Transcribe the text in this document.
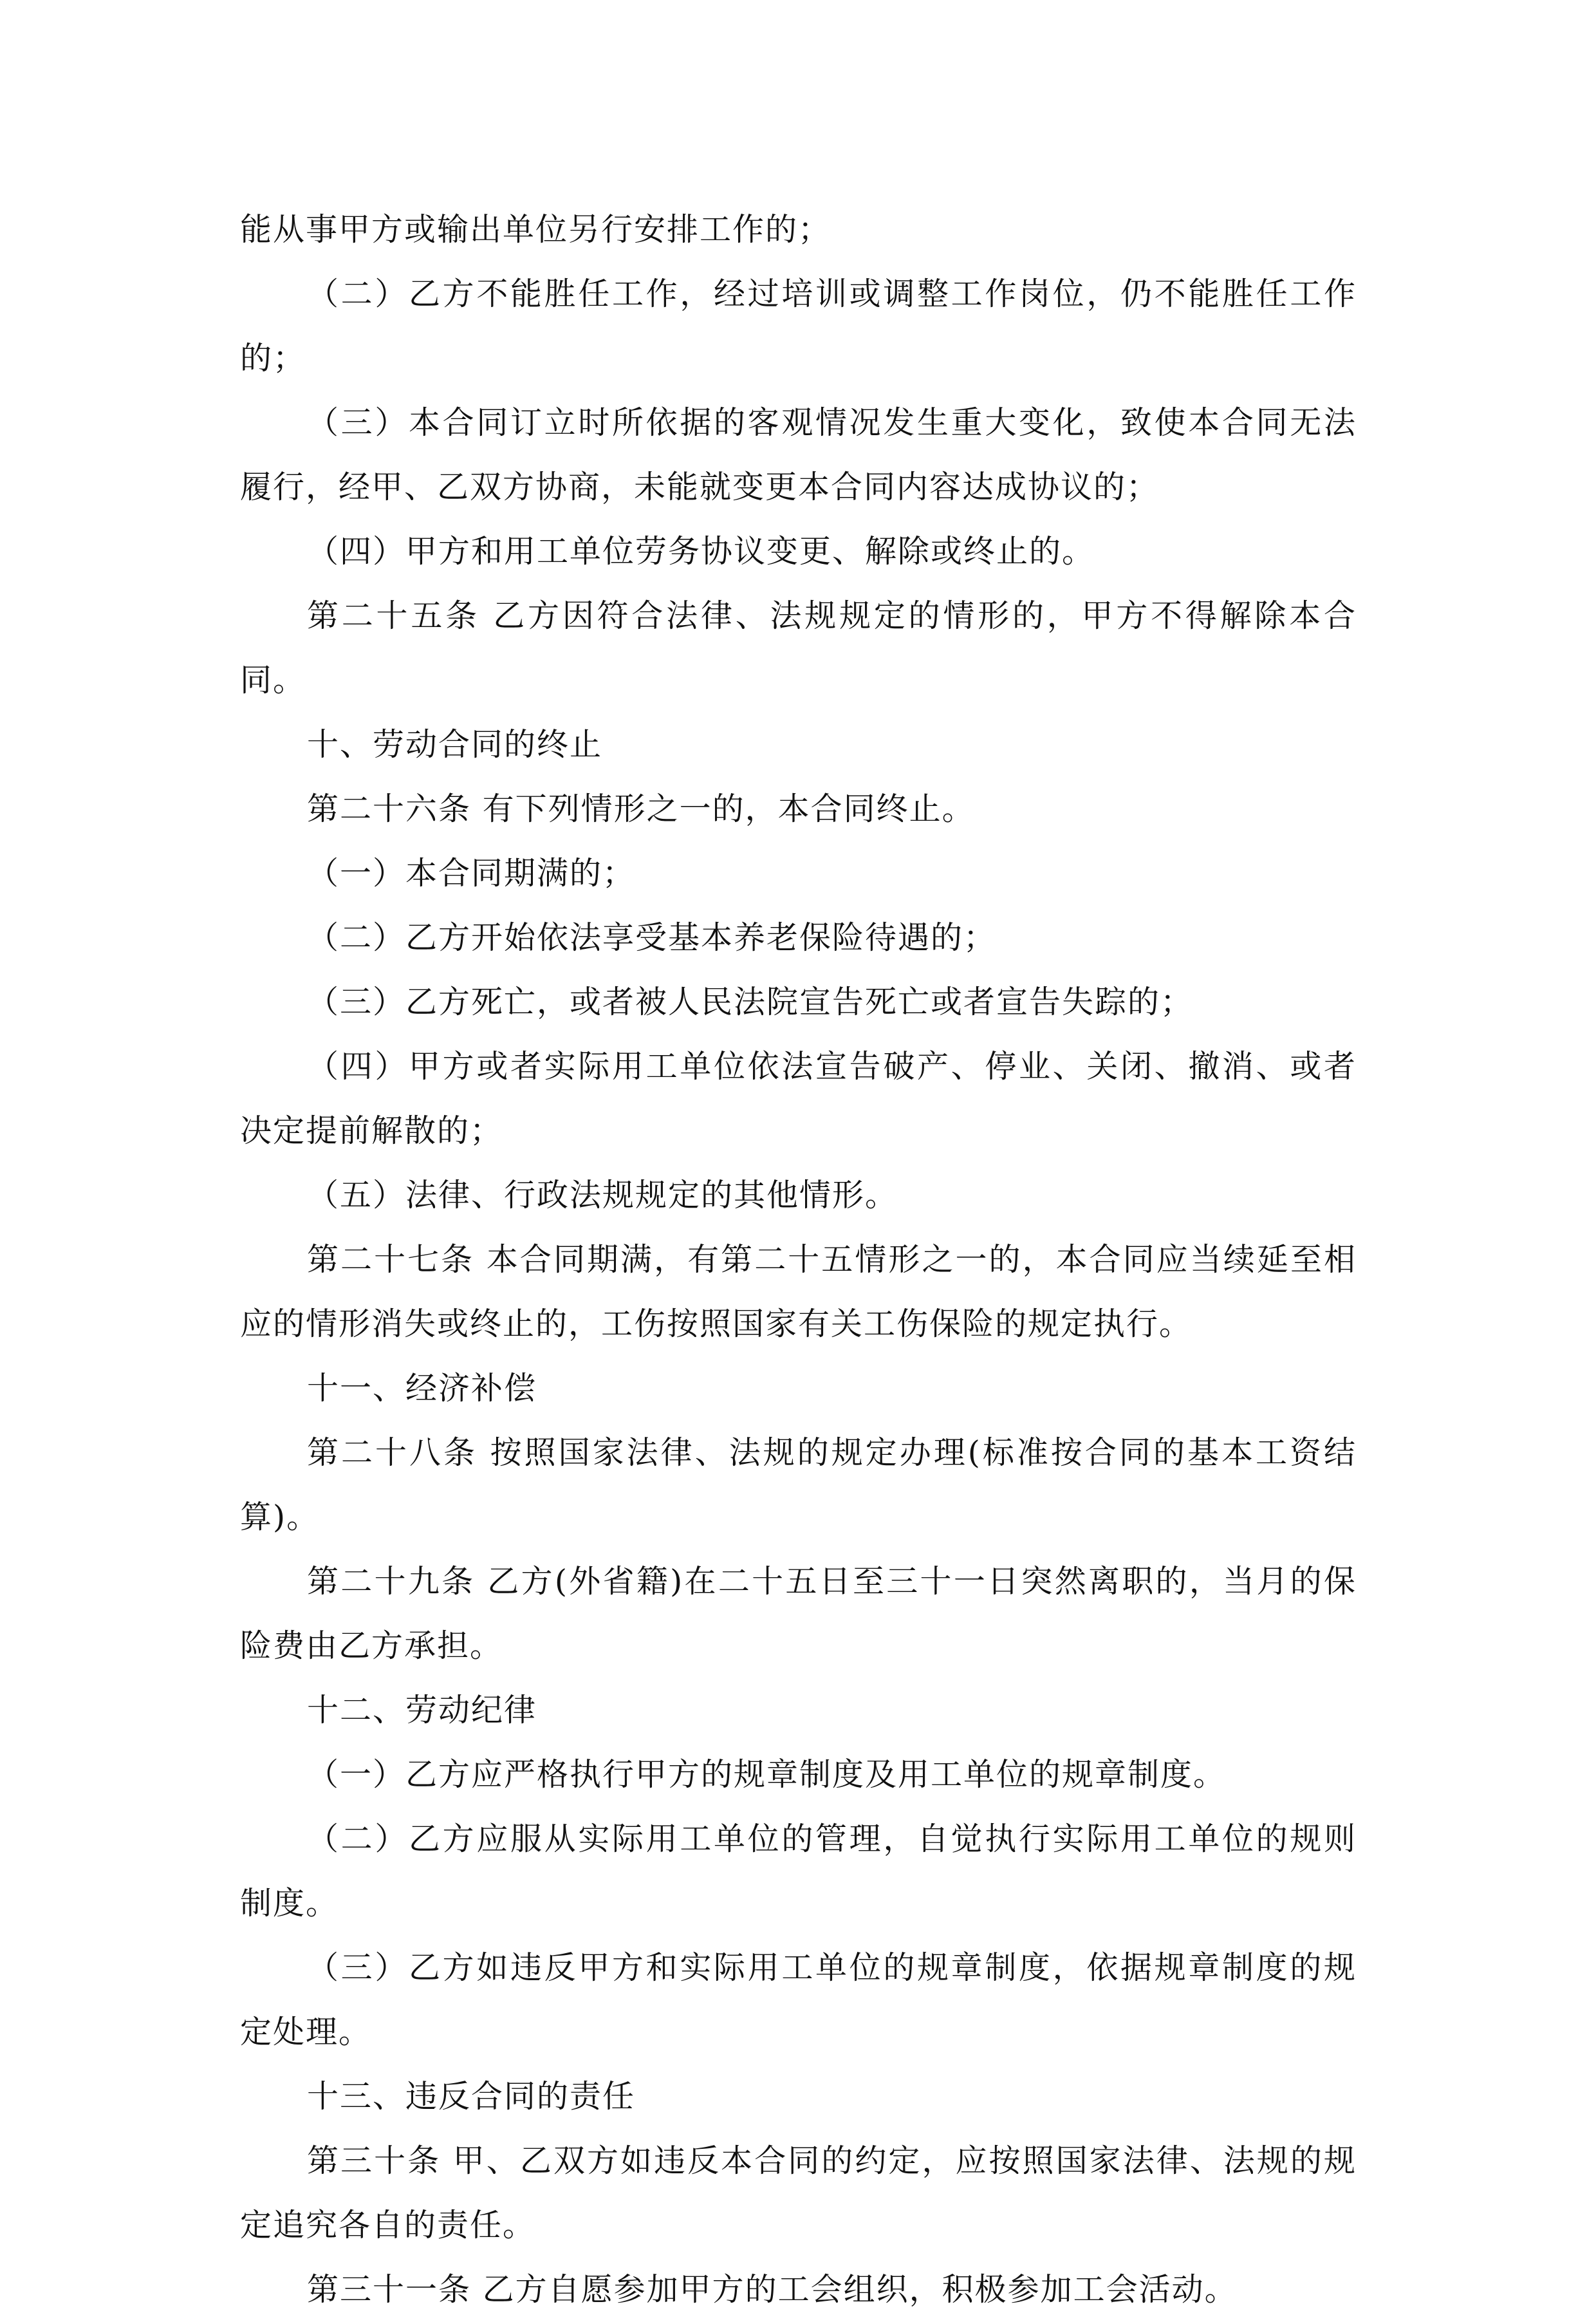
能从事甲方或输出单位另行安排工作的；

（二）乙方不能胜任工作，经过培训或调整工作岗位，仍不能胜任工作的；

（三）本合同订立时所依据的客观情况发生重大变化，致使本合同无法履行，经甲、乙双方协商，未能就变更本合同内容达成协议的；

（四）甲方和用工单位劳务协议变更、解除或终止的。

第二十五条 乙方因符合法律、法规规定的情形的，甲方不得解除本合同。

十、劳动合同的终止

第二十六条 有下列情形之一的，本合同终止。

（一）本合同期满的；

（二）乙方开始依法享受基本养老保险待遇的；

（三）乙方死亡，或者被人民法院宣告死亡或者宣告失踪的；

（四）甲方或者实际用工单位依法宣告破产、停业、关闭、撤消、或者决定提前解散的；

（五）法律、行政法规规定的其他情形。

第二十七条 本合同期满，有第二十五情形之一的，本合同应当续延至相应的情形消失或终止的，工伤按照国家有关工伤保险的规定执行。

十一、经济补偿

第二十八条 按照国家法律、法规的规定办理(标准按合同的基本工资结算)。

第二十九条 乙方(外省籍)在二十五日至三十一日突然离职的，当月的保险费由乙方承担。

十二、劳动纪律

（一）乙方应严格执行甲方的规章制度及用工单位的规章制度。

（二）乙方应服从实际用工单位的管理，自觉执行实际用工单位的规则制度。

（三）乙方如违反甲方和实际用工单位的规章制度，依据规章制度的规定处理。

十三、违反合同的责任

第三十条 甲、乙双方如违反本合同的约定，应按照国家法律、法规的规定追究各自的责任。

第三十一条 乙方自愿参加甲方的工会组织，积极参加工会活动。
